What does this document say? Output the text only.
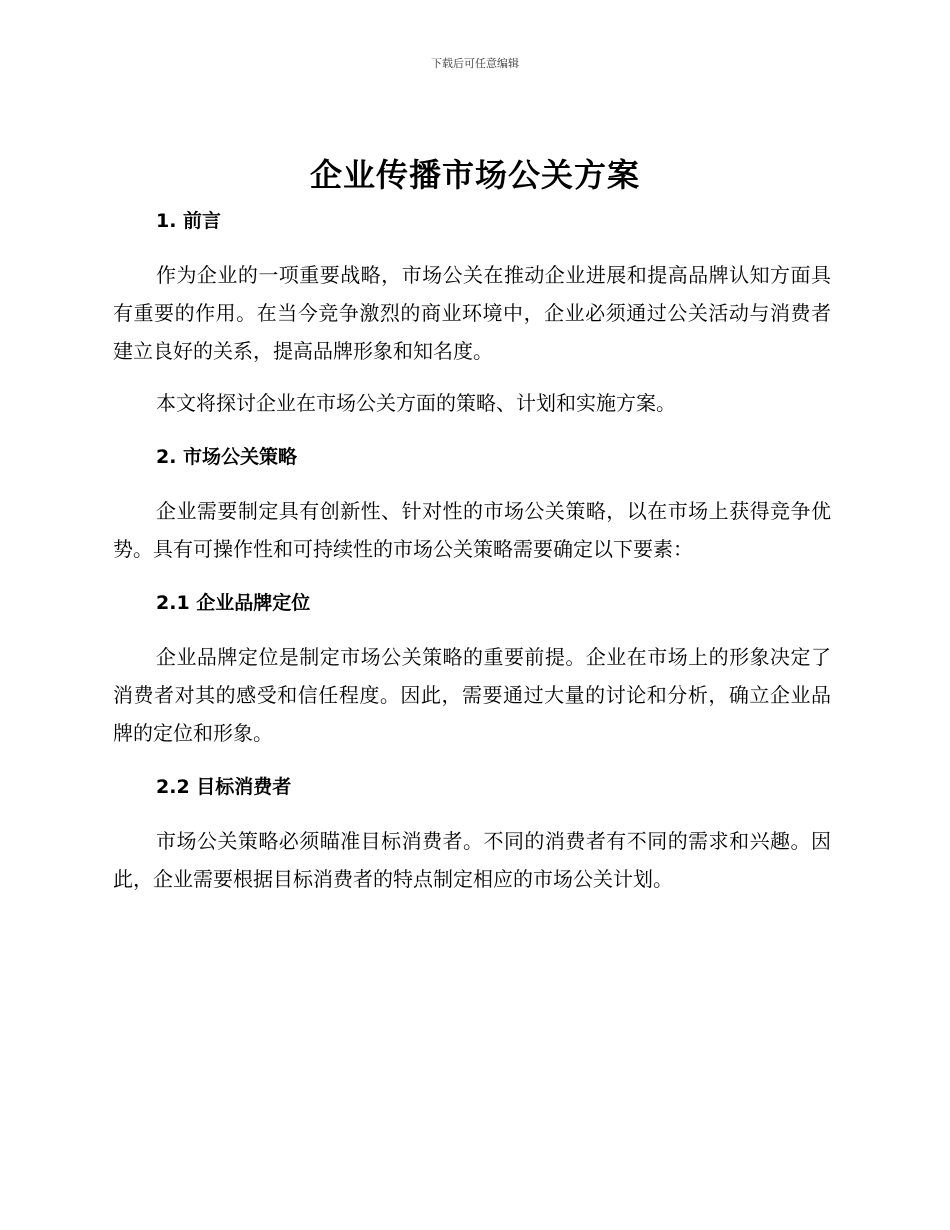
下载后可任意编辑
企业传播市场公关方案

1. 前言

作为企业的一项重要战略，市场公关在推动企业进展和提高品牌认知方面具有重要的作用。在当今竞争激烈的商业环境中，企业必须通过公关活动与消费者建立良好的关系，提高品牌形象和知名度。

本文将探讨企业在市场公关方面的策略、计划和实施方案。

2. 市场公关策略

企业需要制定具有创新性、针对性的市场公关策略，以在市场上获得竞争优势。具有可操作性和可持续性的市场公关策略需要确定以下要素：

2.1 企业品牌定位

企业品牌定位是制定市场公关策略的重要前提。企业在市场上的形象决定了消费者对其的感受和信任程度。因此，需要通过大量的讨论和分析，确立企业品牌的定位和形象。

2.2 目标消费者

市场公关策略必须瞄准目标消费者。不同的消费者有不同的需求和兴趣。因此，企业需要根据目标消费者的特点制定相应的市场公关计划。
